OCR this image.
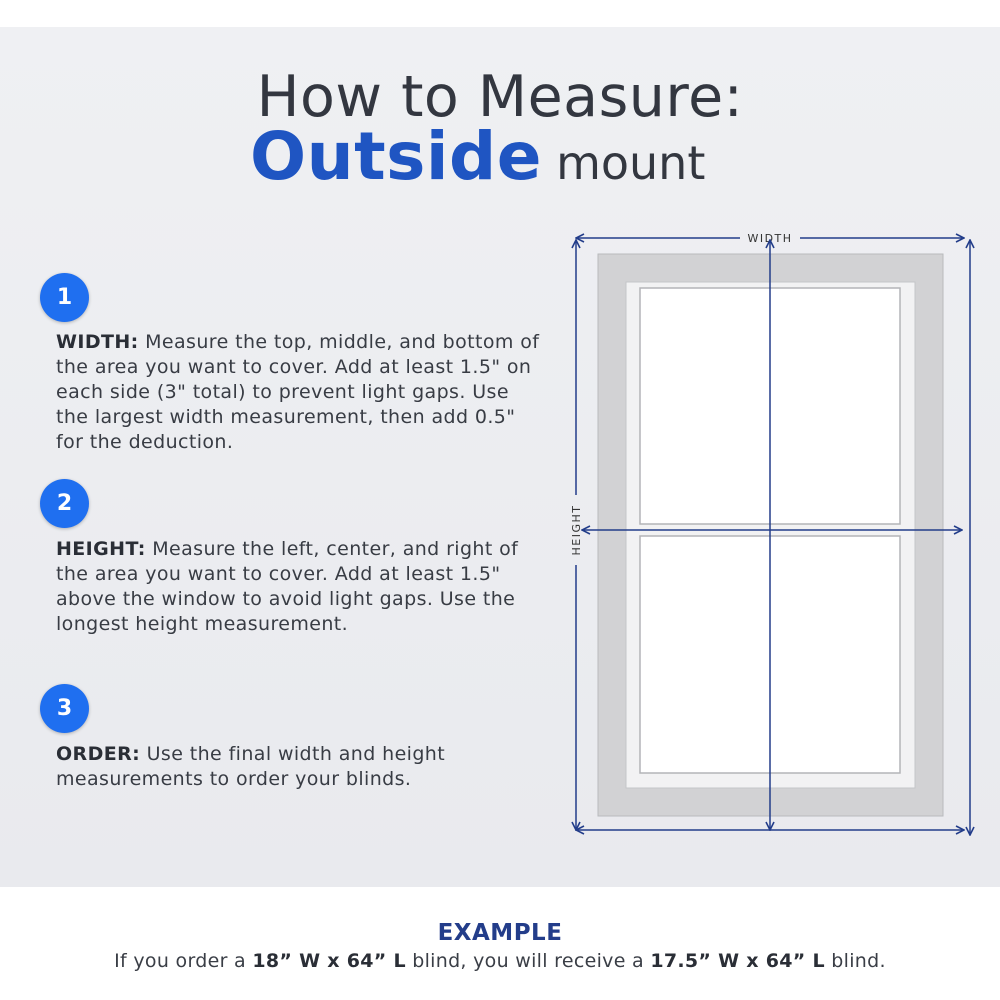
How to Measure:
Outside mount
1
WIDTH: Measure the top, middle, and bottom of the area you want to cover. Add at least 1.5" on each side (3" total) to prevent light gaps. Use the largest width measurement, then add 0.5" for the deduction.
2
HEIGHT: Measure the left, center, and right of the area you want to cover. Add at least 1.5" above the window to avoid light gaps. Use the longest height measurement.
3
ORDER: Use the final width and height measurements to order your blinds.
WIDTH
HEIGHT
EXAMPLE
If you order a 18” W x 64” L blind, you will receive a 17.5” W x 64” L blind.
